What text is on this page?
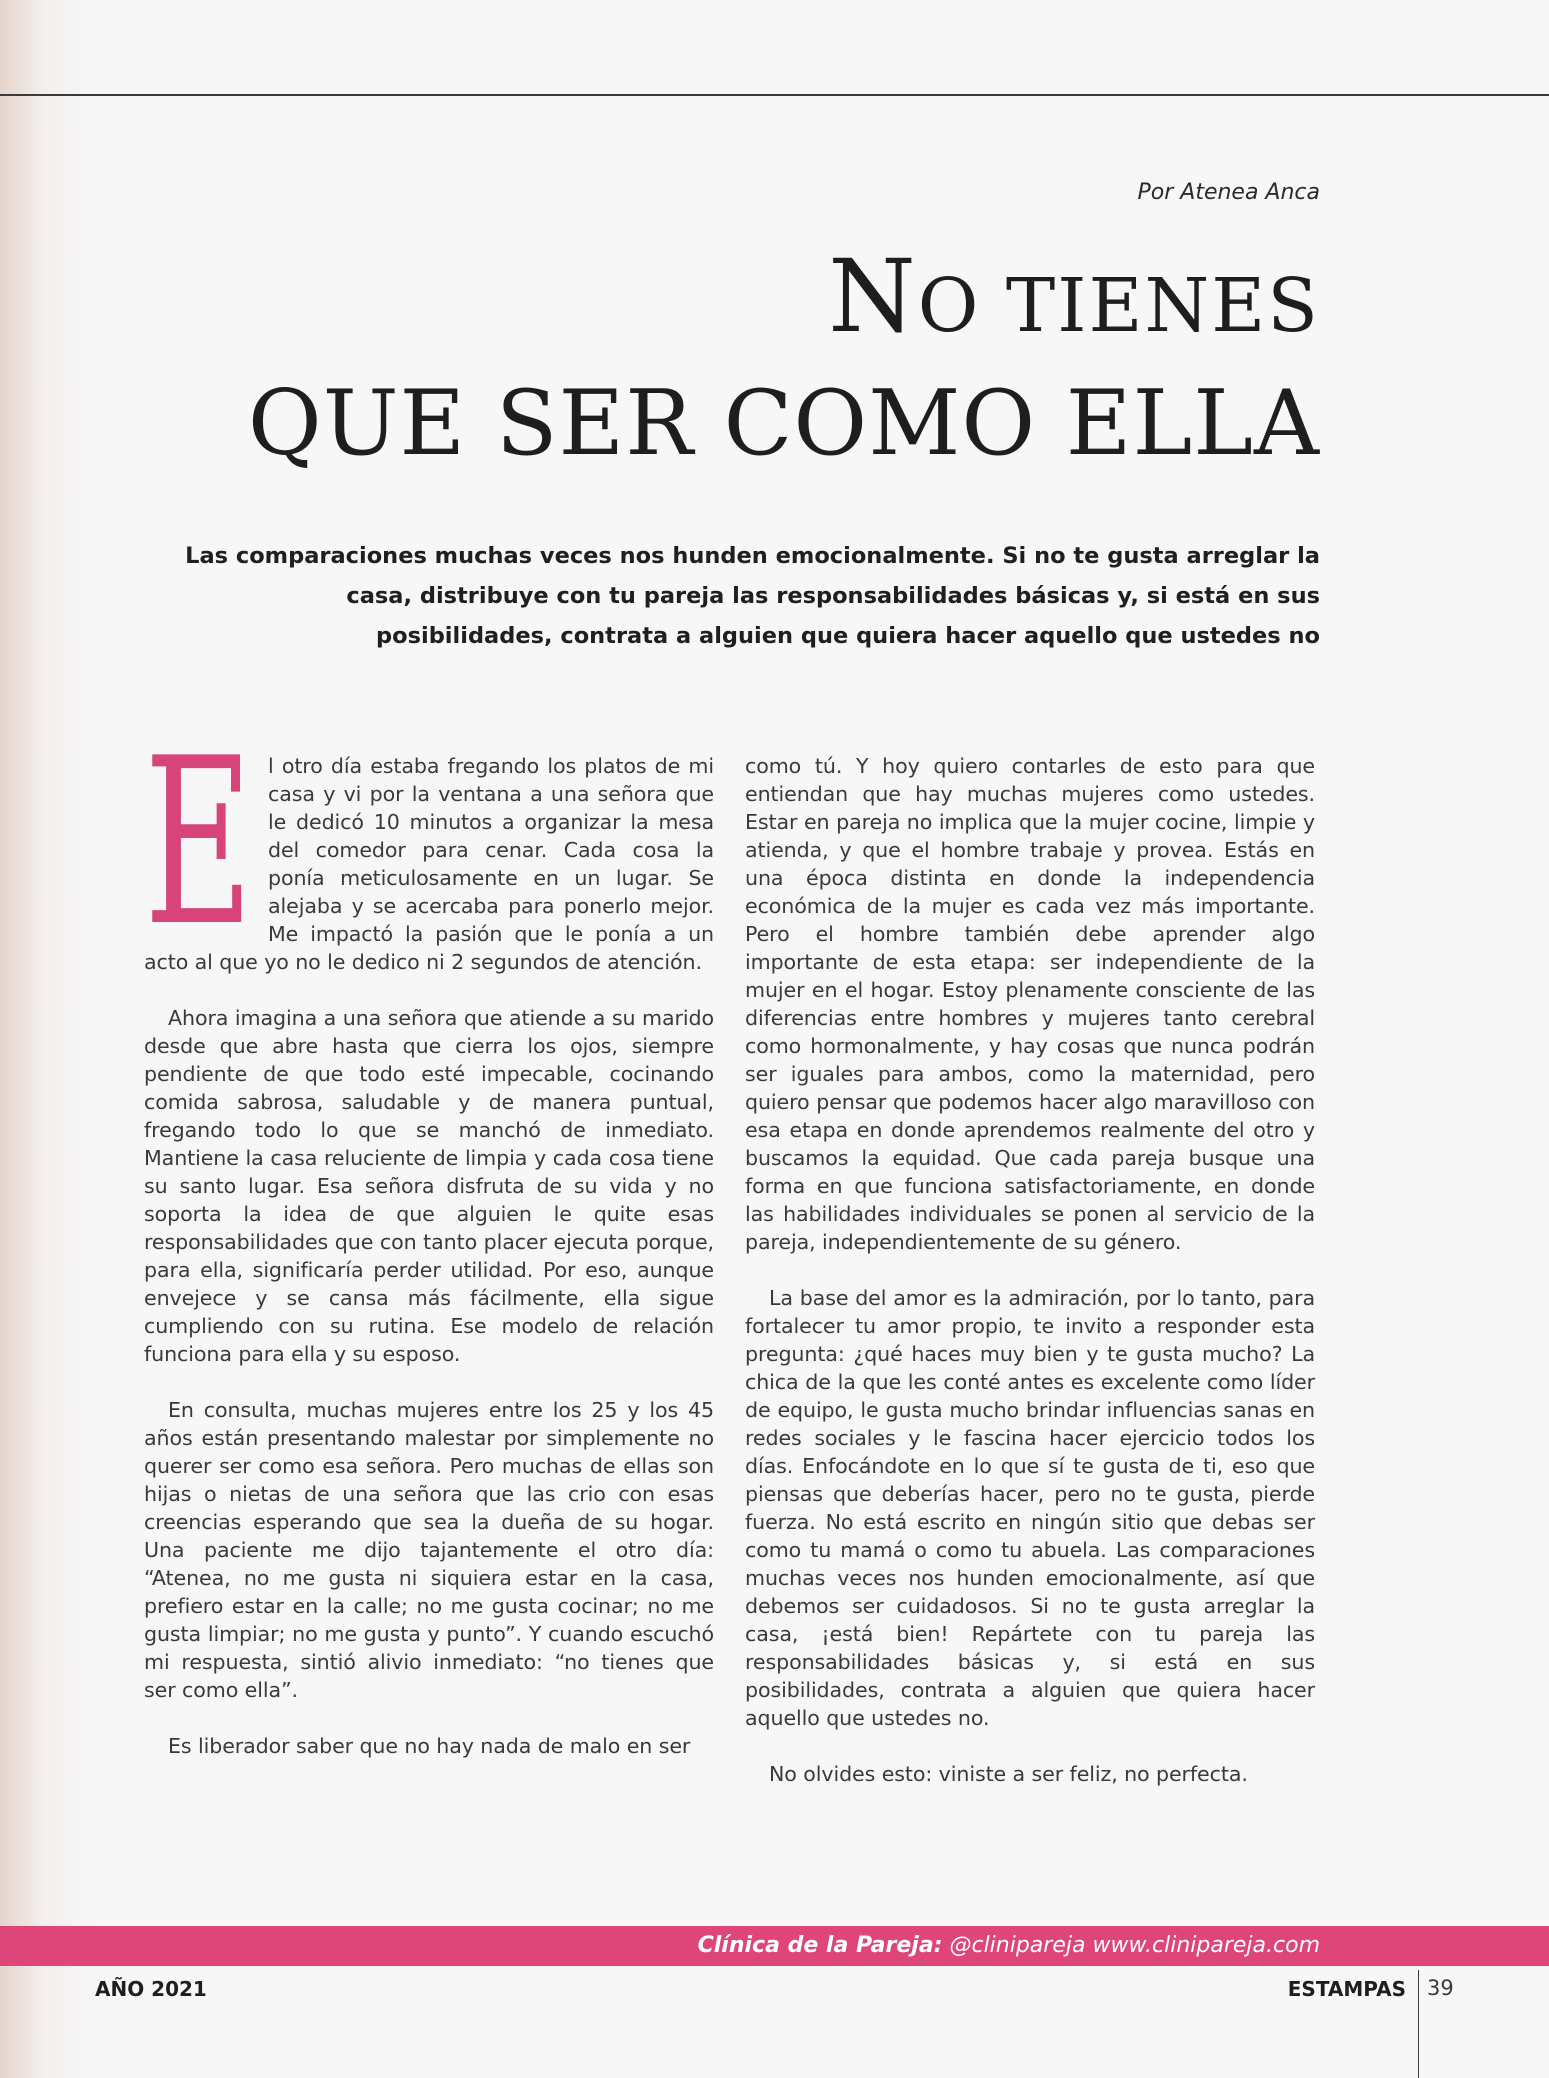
Por Atenea Anca
NO TIENES
QUE SER COMO ELLA

Las comparaciones muchas veces nos hunden emocionalmente. Si no te gusta arreglar la casa, distribuye con tu pareja las responsabilidades básicas y, si está en sus posibilidades, contrata a alguien que quiera hacer aquello que ustedes no

El otro día estaba fregando los platos de mi casa y vi por la ventana a una señora que le dedicó 10 minutos a organizar la mesa del comedor para cenar. Cada cosa la ponía meticulosamente en un lugar. Se alejaba y se acercaba para ponerlo mejor. Me impactó la pasión que le ponía a un acto al que yo no le dedico ni 2 segundos de atención.

Ahora imagina a una señora que atiende a su marido desde que abre hasta que cierra los ojos, siempre pendiente de que todo esté impecable, cocinando comida sabrosa, saludable y de manera puntual, fregando todo lo que se manchó de inmediato. Mantiene la casa reluciente de limpia y cada cosa tiene su santo lugar. Esa señora disfruta de su vida y no soporta la idea de que alguien le quite esas responsabilidades que con tanto placer ejecuta porque, para ella, significaría perder utilidad. Por eso, aunque envejece y se cansa más fácilmente, ella sigue cumpliendo con su rutina. Ese modelo de relación funciona para ella y su esposo.

En consulta, muchas mujeres entre los 25 y los 45 años están presentando malestar por simplemente no querer ser como esa señora. Pero muchas de ellas son hijas o nietas de una señora que las crio con esas creencias esperando que sea la dueña de su hogar. Una paciente me dijo tajantemente el otro día: “Atenea, no me gusta ni siquiera estar en la casa, prefiero estar en la calle; no me gusta cocinar; no me gusta limpiar; no me gusta y punto”. Y cuando escuchó mi respuesta, sintió alivio inmediato: “no tienes que ser como ella”.

Es liberador saber que no hay nada de malo en ser

como tú. Y hoy quiero contarles de esto para que entiendan que hay muchas mujeres como ustedes. Estar en pareja no implica que la mujer cocine, limpie y atienda, y que el hombre trabaje y provea. Estás en una época distinta en donde la independencia económica de la mujer es cada vez más importante. Pero el hombre también debe aprender algo importante de esta etapa: ser independiente de la mujer en el hogar. Estoy plenamente consciente de las diferencias entre hombres y mujeres tanto cerebral como hormonalmente, y hay cosas que nunca podrán ser iguales para ambos, como la maternidad, pero quiero pensar que podemos hacer algo maravilloso con esa etapa en donde aprendemos realmente del otro y buscamos la equidad. Que cada pareja busque una forma en que funciona satisfactoriamente, en donde las habilidades individuales se ponen al servicio de la pareja, independientemente de su género.

La base del amor es la admiración, por lo tanto, para fortalecer tu amor propio, te invito a responder esta pregunta: ¿qué haces muy bien y te gusta mucho? La chica de la que les conté antes es excelente como líder de equipo, le gusta mucho brindar influencias sanas en redes sociales y le fascina hacer ejercicio todos los días. Enfocándote en lo que sí te gusta de ti, eso que piensas que deberías hacer, pero no te gusta, pierde fuerza. No está escrito en ningún sitio que debas ser como tu mamá o como tu abuela. Las comparaciones muchas veces nos hunden emocionalmente, así que debemos ser cuidadosos. Si no te gusta arreglar la casa, ¡está bien! Repártete con tu pareja las responsabilidades básicas y, si está en sus posibilidades, contrata a alguien que quiera hacer aquello que ustedes no.

No olvides esto: viniste a ser feliz, no perfecta.

Clínica de la Pareja: @clinipareja www.clinipareja.com
AÑO 2021	ESTAMPAS 39
